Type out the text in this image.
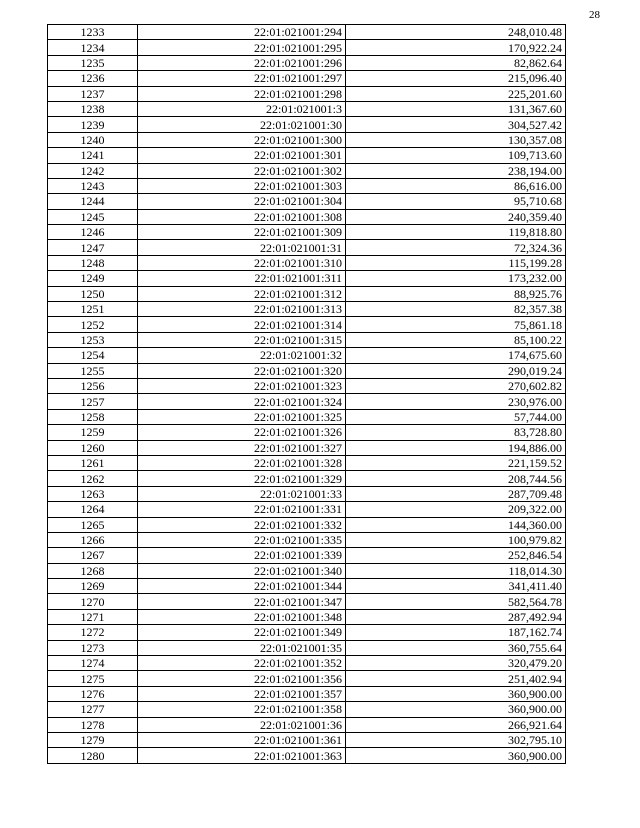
28
1233	22:01:021001:294	248,010.48
1234	22:01:021001:295	170,922.24
1235	22:01:021001:296	82,862.64
1236	22:01:021001:297	215,096.40
1237	22:01:021001:298	225,201.60
1238	22:01:021001:3	131,367.60
1239	22:01:021001:30	304,527.42
1240	22:01:021001:300	130,357.08
1241	22:01:021001:301	109,713.60
1242	22:01:021001:302	238,194.00
1243	22:01:021001:303	86,616.00
1244	22:01:021001:304	95,710.68
1245	22:01:021001:308	240,359.40
1246	22:01:021001:309	119,818.80
1247	22:01:021001:31	72,324.36
1248	22:01:021001:310	115,199.28
1249	22:01:021001:311	173,232.00
1250	22:01:021001:312	88,925.76
1251	22:01:021001:313	82,357.38
1252	22:01:021001:314	75,861.18
1253	22:01:021001:315	85,100.22
1254	22:01:021001:32	174,675.60
1255	22:01:021001:320	290,019.24
1256	22:01:021001:323	270,602.82
1257	22:01:021001:324	230,976.00
1258	22:01:021001:325	57,744.00
1259	22:01:021001:326	83,728.80
1260	22:01:021001:327	194,886.00
1261	22:01:021001:328	221,159.52
1262	22:01:021001:329	208,744.56
1263	22:01:021001:33	287,709.48
1264	22:01:021001:331	209,322.00
1265	22:01:021001:332	144,360.00
1266	22:01:021001:335	100,979.82
1267	22:01:021001:339	252,846.54
1268	22:01:021001:340	118,014.30
1269	22:01:021001:344	341,411.40
1270	22:01:021001:347	582,564.78
1271	22:01:021001:348	287,492.94
1272	22:01:021001:349	187,162.74
1273	22:01:021001:35	360,755.64
1274	22:01:021001:352	320,479.20
1275	22:01:021001:356	251,402.94
1276	22:01:021001:357	360,900.00
1277	22:01:021001:358	360,900.00
1278	22:01:021001:36	266,921.64
1279	22:01:021001:361	302,795.10
1280	22:01:021001:363	360,900.00
